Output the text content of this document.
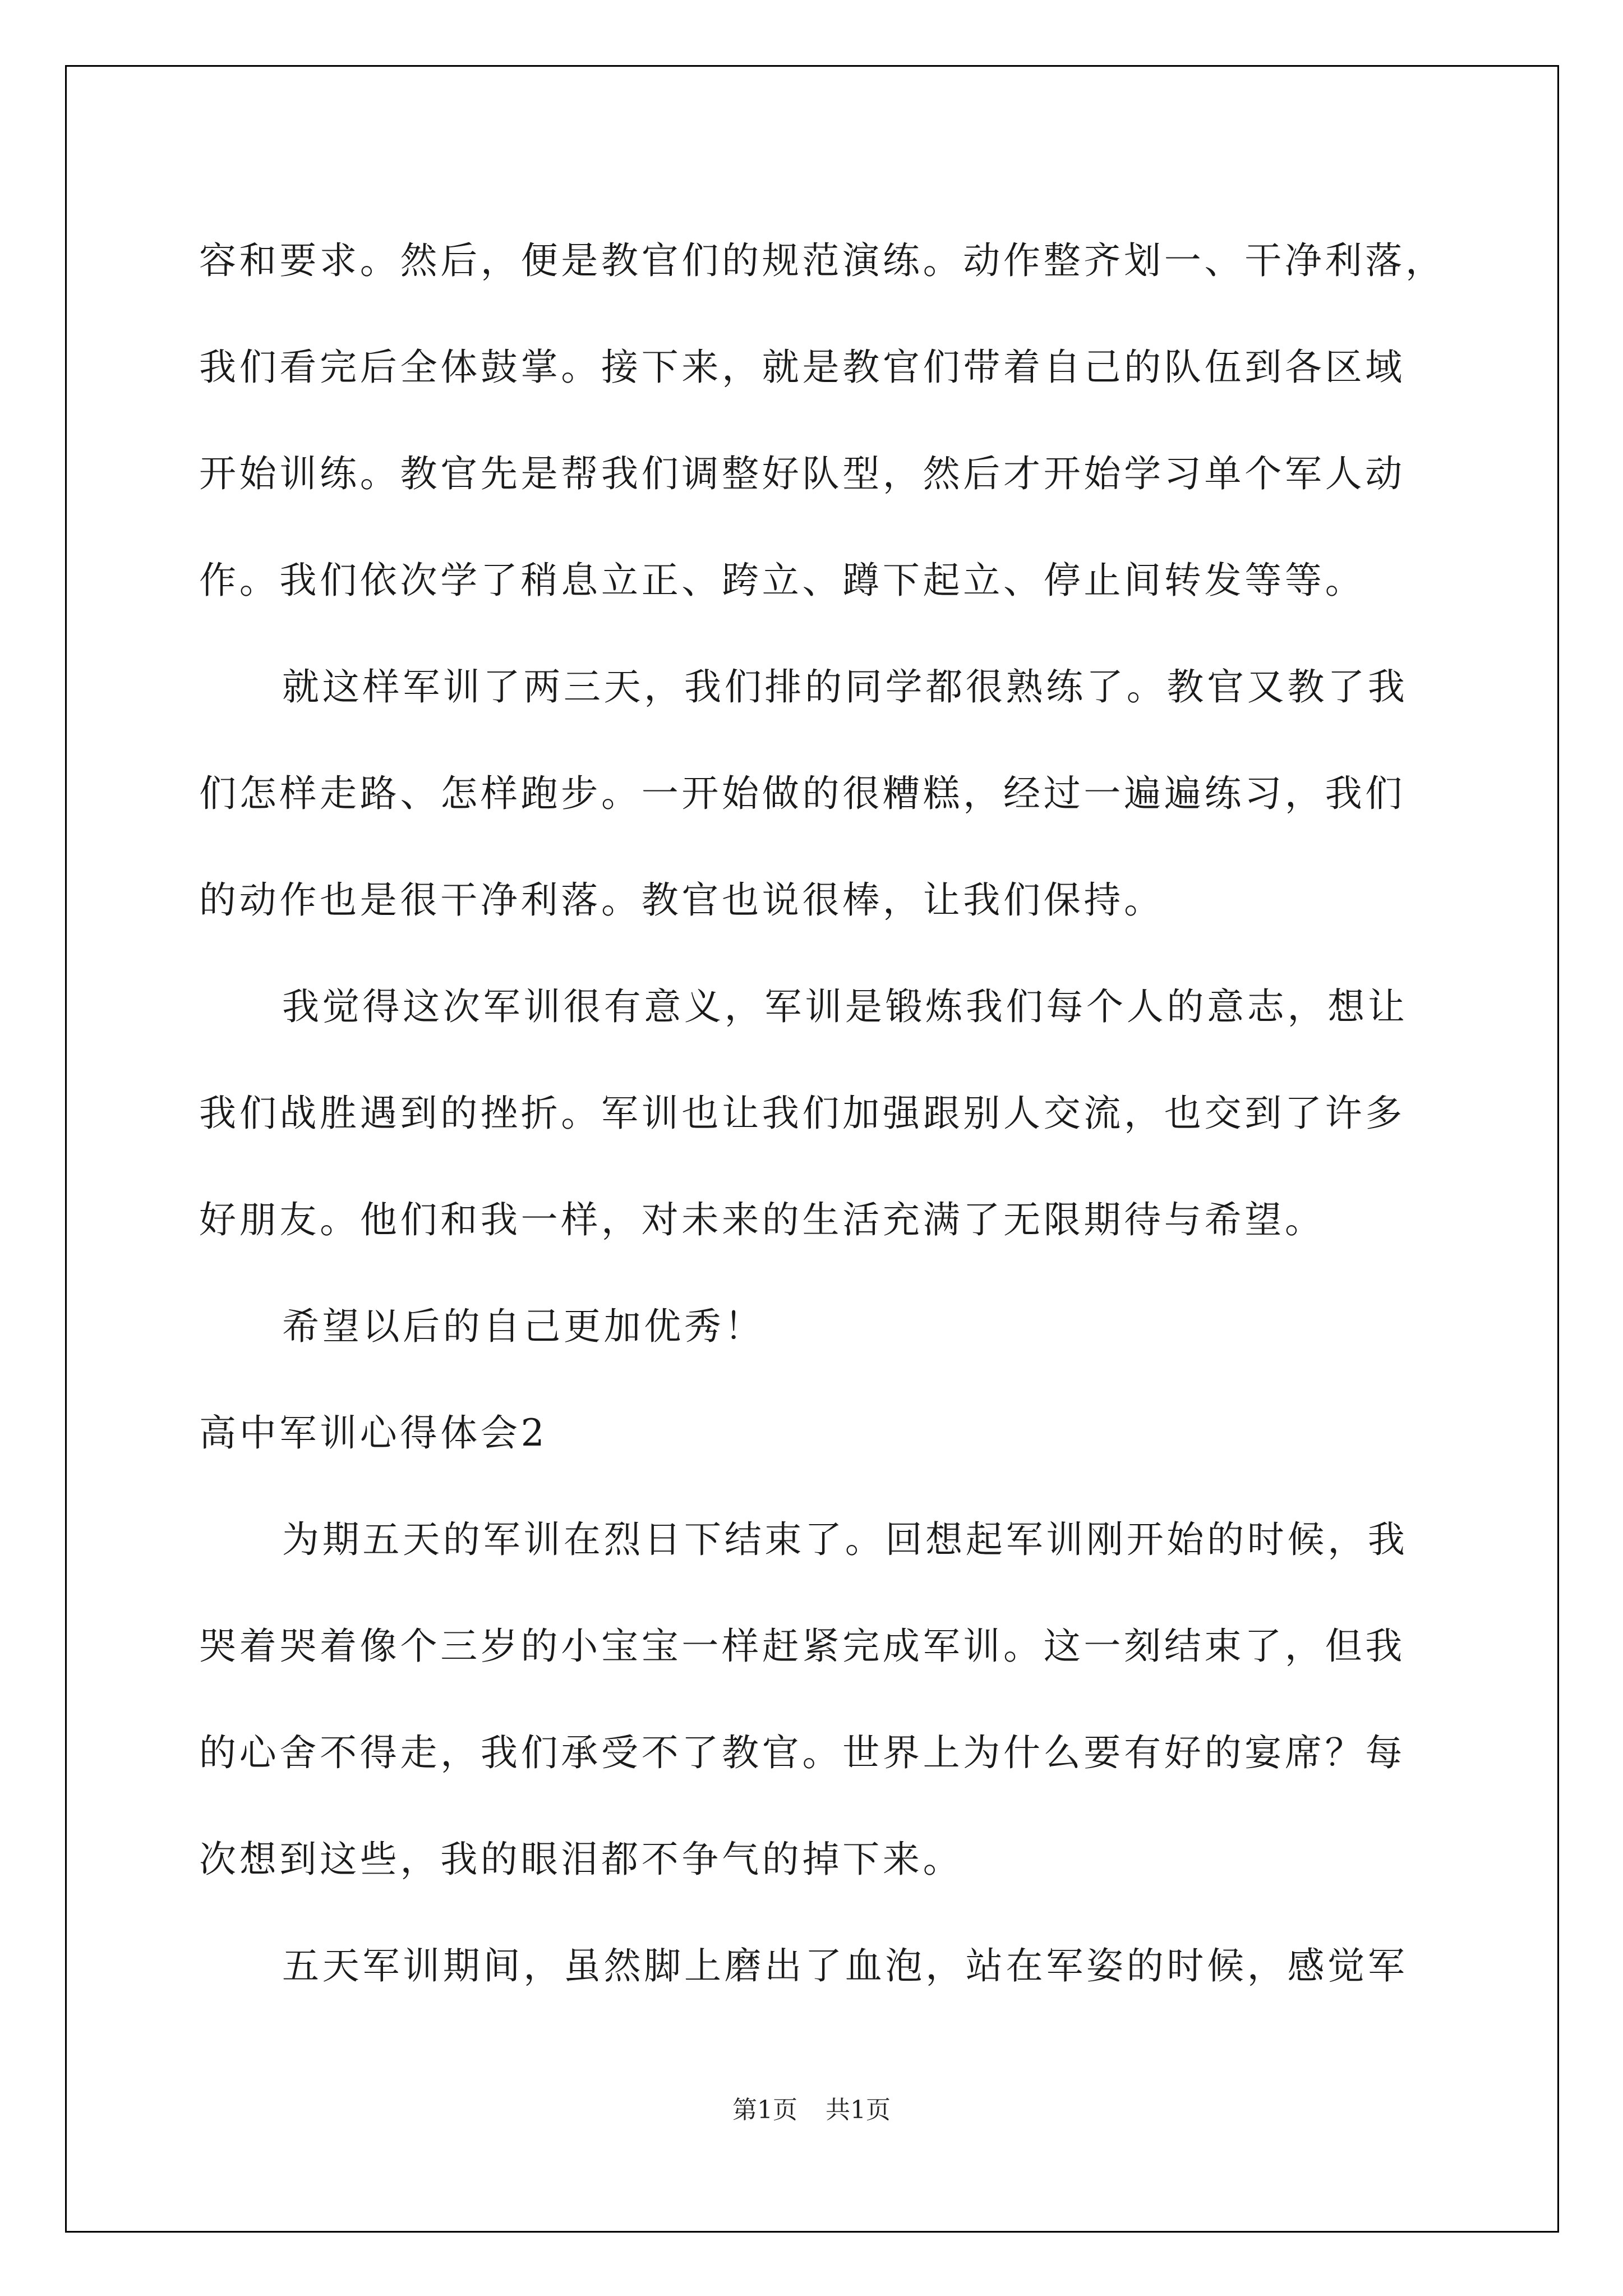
容和要求。然后，便是教官们的规范演练。动作整齐划一、干净利落，
我们看完后全体鼓掌。接下来，就是教官们带着自己的队伍到各区域
开始训练。教官先是帮我们调整好队型，然后才开始学习单个军人动
作。我们依次学了稍息立正、跨立、蹲下起立、停止间转发等等。
就这样军训了两三天，我们排的同学都很熟练了。教官又教了我
们怎样走路、怎样跑步。一开始做的很糟糕，经过一遍遍练习，我们
的动作也是很干净利落。教官也说很棒，让我们保持。
我觉得这次军训很有意义，军训是锻炼我们每个人的意志，想让
我们战胜遇到的挫折。军训也让我们加强跟别人交流，也交到了许多
好朋友。他们和我一样，对未来的生活充满了无限期待与希望。
希望以后的自己更加优秀！
高中军训心得体会2
为期五天的军训在烈日下结束了。回想起军训刚开始的时候，我
哭着哭着像个三岁的小宝宝一样赶紧完成军训。这一刻结束了，但我
的心舍不得走，我们承受不了教官。世界上为什么要有好的宴席？每
次想到这些，我的眼泪都不争气的掉下来。
五天军训期间，虽然脚上磨出了血泡，站在军姿的时候，感觉军
第1页 共1页
